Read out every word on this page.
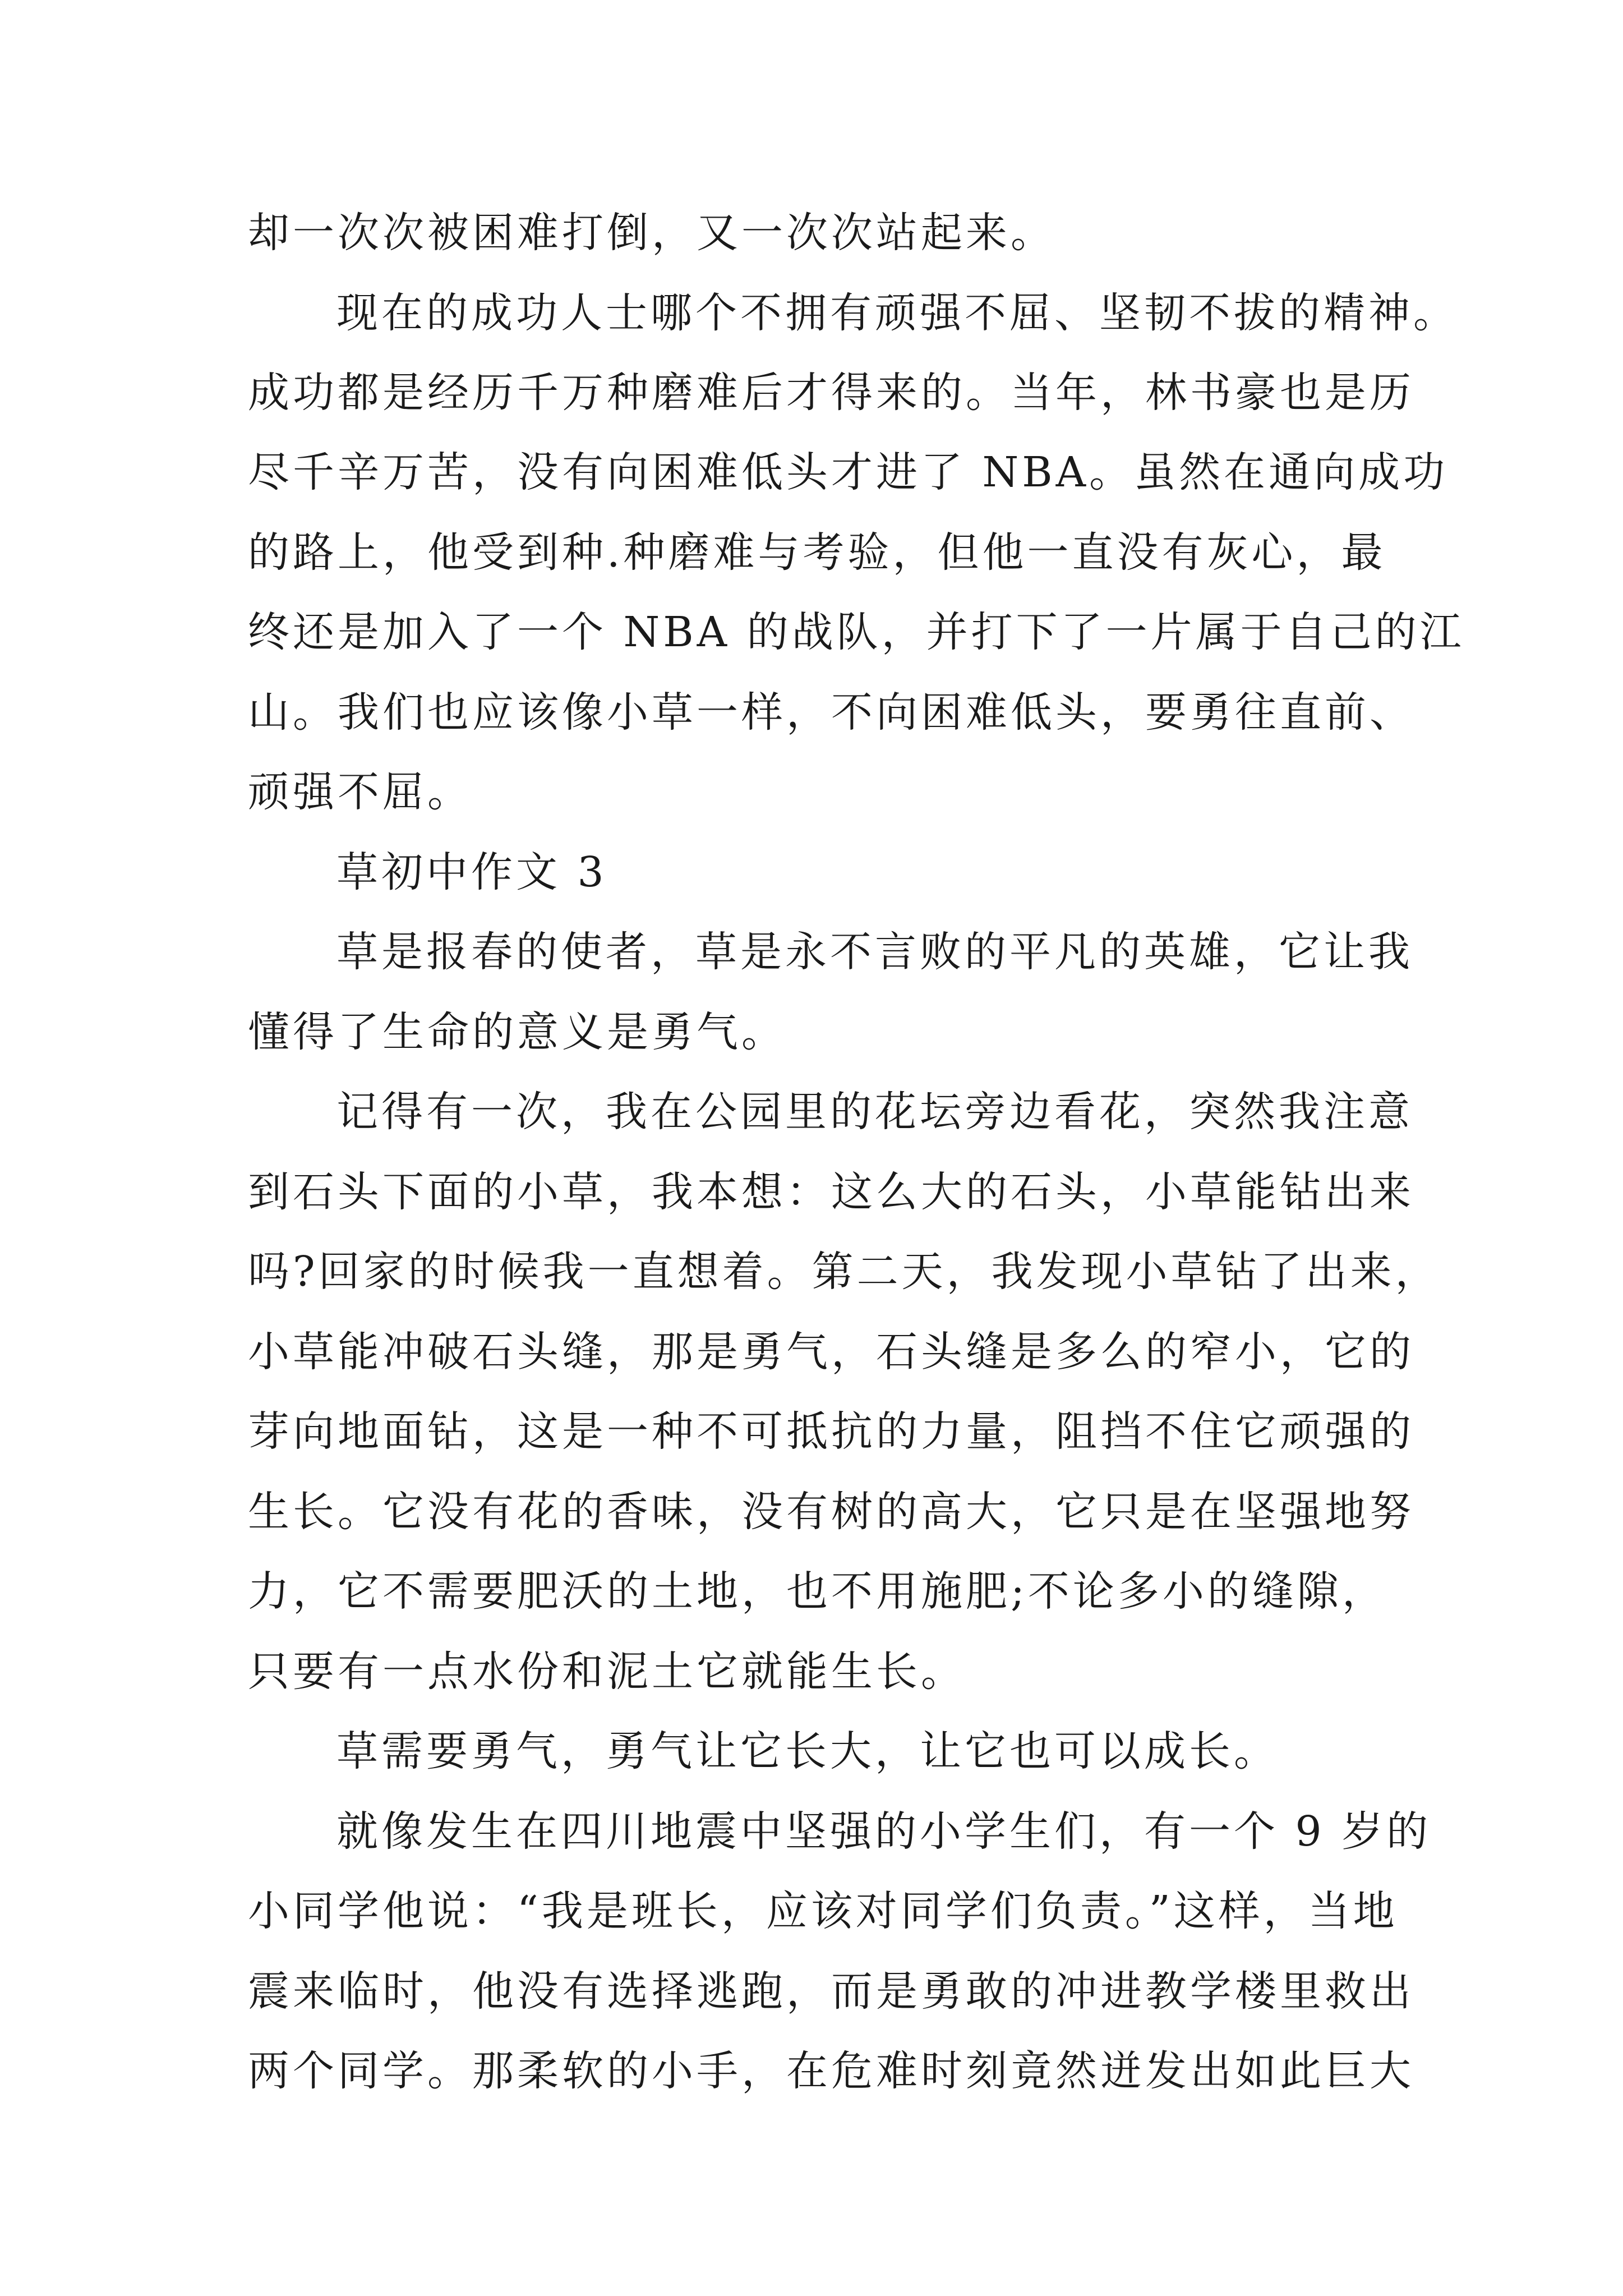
却一次次被困难打倒，又一次次站起来。
现在的成功人士哪个不拥有顽强不屈、坚韧不拔的精神。
成功都是经历千万种磨难后才得来的。当年，林书豪也是历
尽千辛万苦，没有向困难低头才进了 NBA。虽然在通向成功
的路上，他受到种.种磨难与考验，但他一直没有灰心，最
终还是加入了一个 NBA 的战队，并打下了一片属于自己的江
山。我们也应该像小草一样，不向困难低头，要勇往直前、
顽强不屈。
草初中作文 3
草是报春的使者，草是永不言败的平凡的英雄，它让我
懂得了生命的意义是勇气。
记得有一次，我在公园里的花坛旁边看花，突然我注意
到石头下面的小草，我本想：这么大的石头，小草能钻出来
吗?回家的时候我一直想着。第二天，我发现小草钻了出来，
小草能冲破石头缝，那是勇气，石头缝是多么的窄小，它的
芽向地面钻，这是一种不可抵抗的力量，阻挡不住它顽强的
生长。它没有花的香味，没有树的高大，它只是在坚强地努
力，它不需要肥沃的土地，也不用施肥;不论多小的缝隙，
只要有一点水份和泥土它就能生长。
草需要勇气，勇气让它长大，让它也可以成长。
就像发生在四川地震中坚强的小学生们，有一个 9 岁的
小同学他说：“我是班长，应该对同学们负责。”这样，当地
震来临时，他没有选择逃跑，而是勇敢的冲进教学楼里救出
两个同学。那柔软的小手，在危难时刻竟然迸发出如此巨大
